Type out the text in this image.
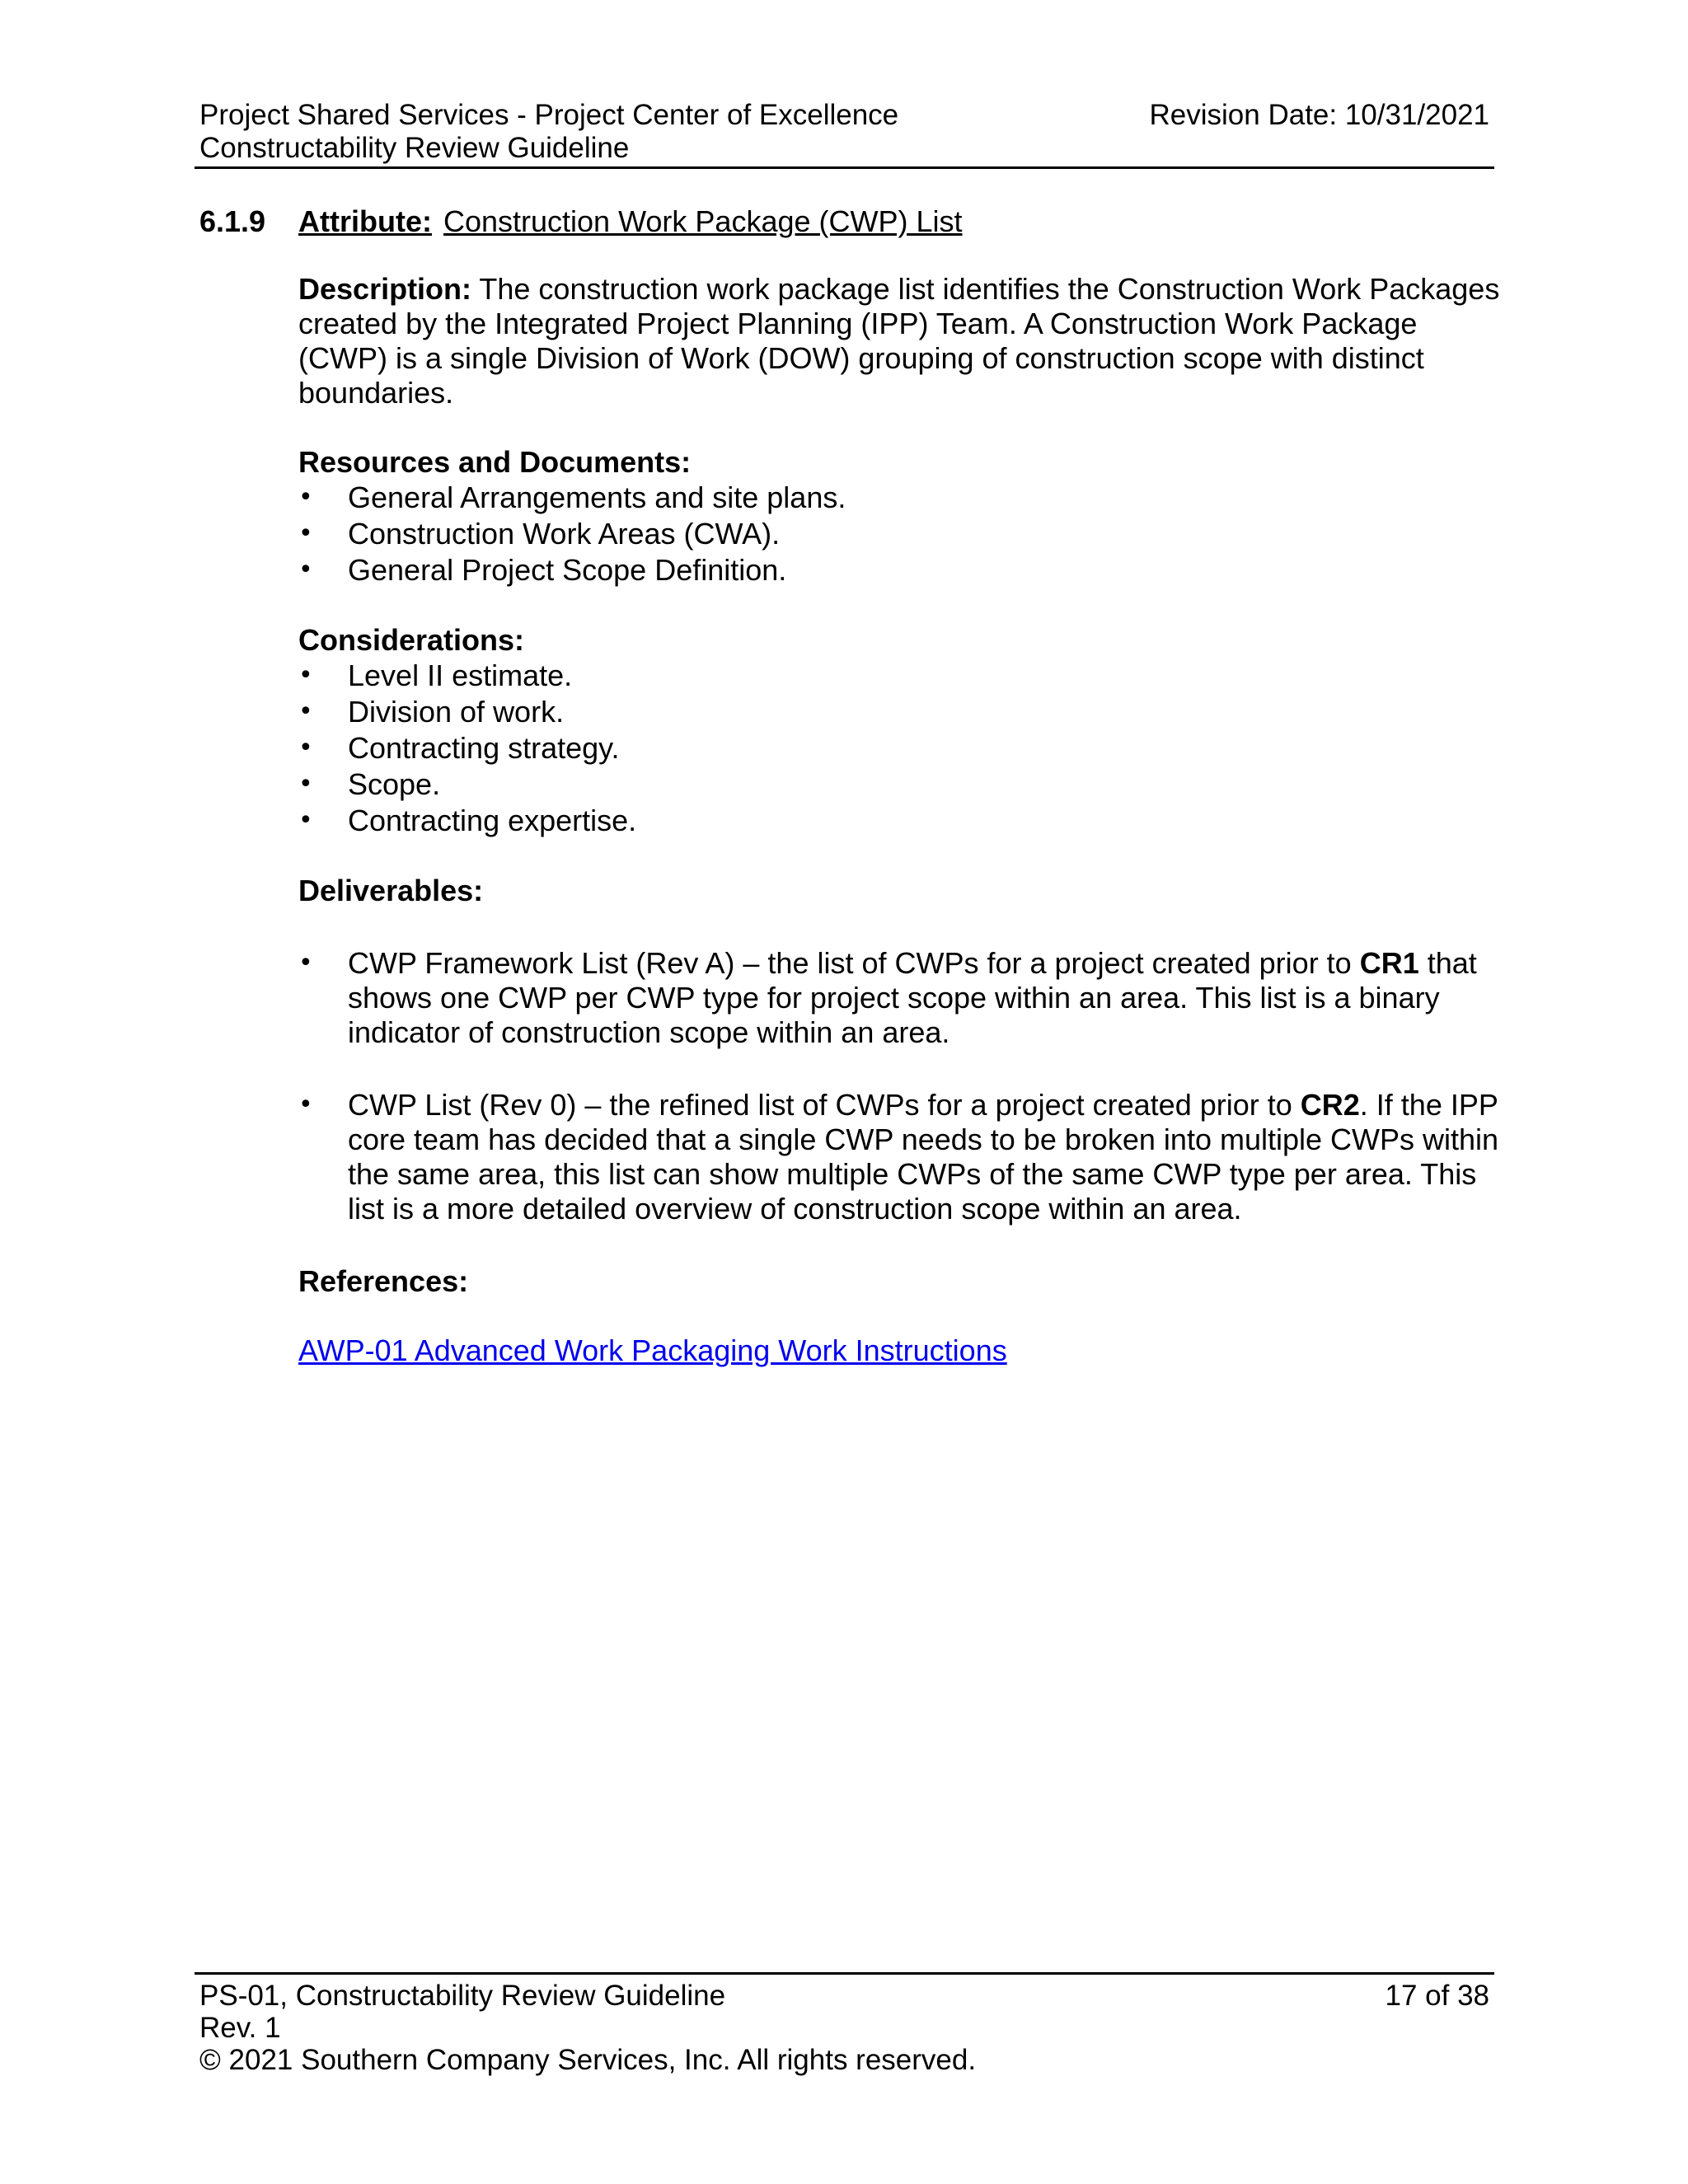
Project Shared Services - Project Center of Excellence
Constructability Review Guideline
Revision Date: 10/31/2021
6.1.9 Attribute: Construction Work Package (CWP) List

Description: The construction work package list identifies the Construction Work Packages created by the Integrated Project Planning (IPP) Team. A Construction Work Package (CWP) is a single Division of Work (DOW) grouping of construction scope with distinct boundaries.

Resources and Documents:

• General Arrangements and site plans.
• Construction Work Areas (CWA).
• General Project Scope Definition.

Considerations:

• Level II estimate.
• Division of work.
• Contracting strategy.
• Scope.
• Contracting expertise.

Deliverables:

• CWP Framework List (Rev A) – the list of CWPs for a project created prior to CR1 that shows one CWP per CWP type for project scope within an area. This list is a binary indicator of construction scope within an area.
• CWP List (Rev 0) – the refined list of CWPs for a project created prior to CR2. If the IPP core team has decided that a single CWP needs to be broken into multiple CWPs within the same area, this list can show multiple CWPs of the same CWP type per area. This list is a more detailed overview of construction scope within an area.

References:

AWP-01 Advanced Work Packaging Work Instructions

PS-01, Constructability Review Guideline
Rev. 1
© 2021 Southern Company Services, Inc. All rights reserved.
17 of 38
